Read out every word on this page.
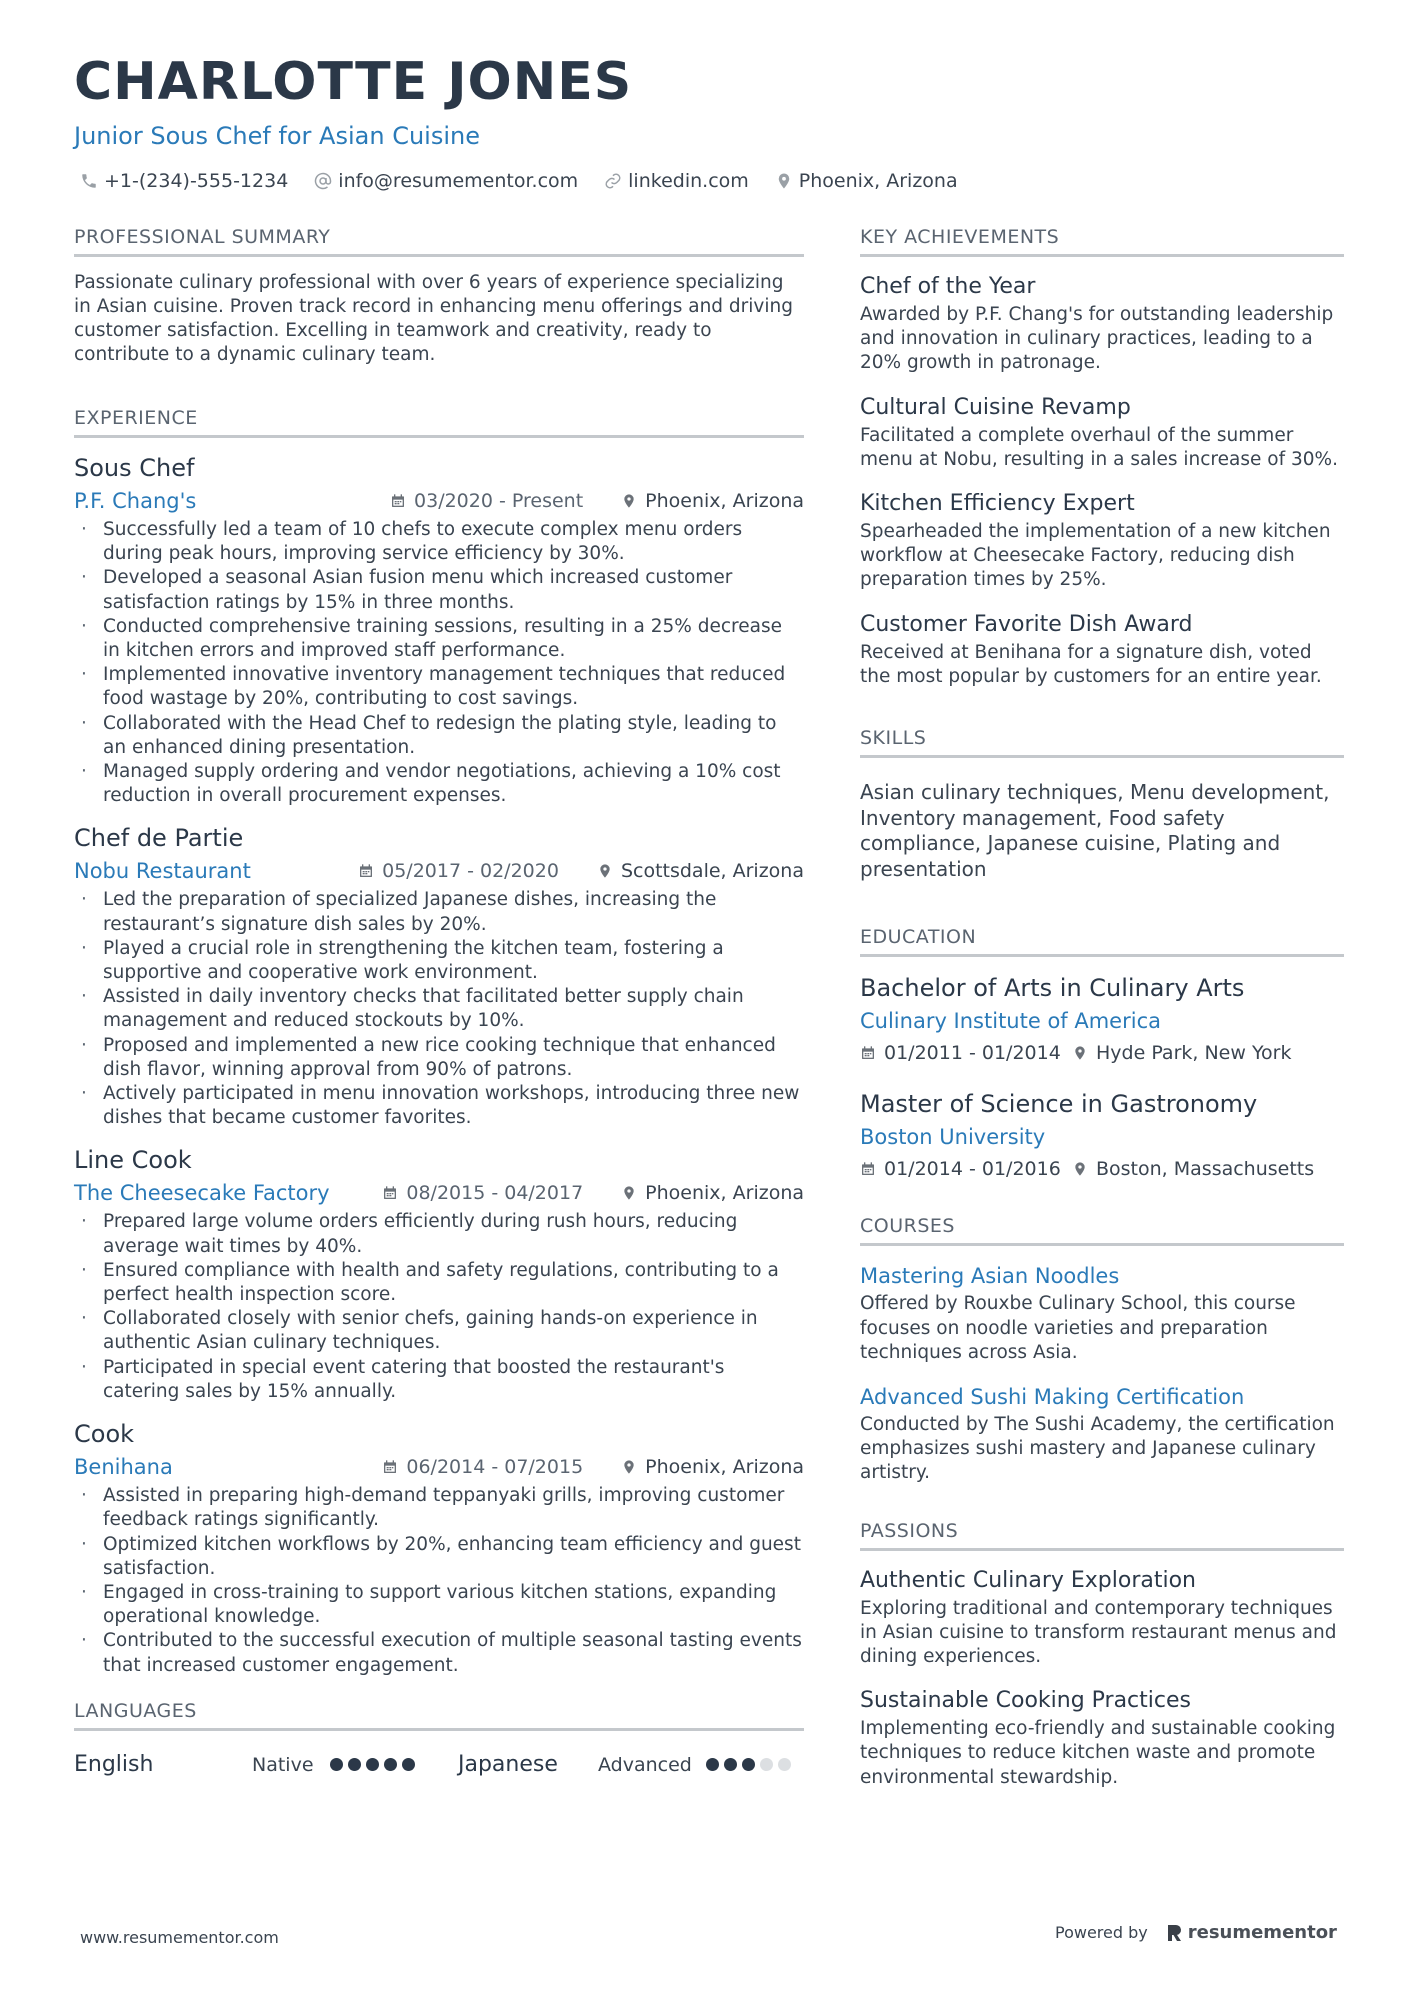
CHARLOTTE JONES
Junior Sous Chef for Asian Cuisine
+1-(234)-555-1234	info@resumementor.com	linkedin.com	Phoenix, Arizona
PROFESSIONAL SUMMARY
Passionate culinary professional with over 6 years of experience specializing in Asian cuisine. Proven track record in enhancing menu offerings and driving customer satisfaction. Excelling in teamwork and creativity, ready to contribute to a dynamic culinary team.
EXPERIENCE
Sous Chef
P.F. Chang's	03/2020 - Present	Phoenix, Arizona
· Successfully led a team of 10 chefs to execute complex menu orders during peak hours, improving service efficiency by 30%.
· Developed a seasonal Asian fusion menu which increased customer satisfaction ratings by 15% in three months.
· Conducted comprehensive training sessions, resulting in a 25% decrease in kitchen errors and improved staff performance.
· Implemented innovative inventory management techniques that reduced food wastage by 20%, contributing to cost savings.
· Collaborated with the Head Chef to redesign the plating style, leading to an enhanced dining presentation.
· Managed supply ordering and vendor negotiations, achieving a 10% cost reduction in overall procurement expenses.
Chef de Partie
Nobu Restaurant	05/2017 - 02/2020	Scottsdale, Arizona
· Led the preparation of specialized Japanese dishes, increasing the restaurant’s signature dish sales by 20%.
· Played a crucial role in strengthening the kitchen team, fostering a supportive and cooperative work environment.
· Assisted in daily inventory checks that facilitated better supply chain management and reduced stockouts by 10%.
· Proposed and implemented a new rice cooking technique that enhanced dish flavor, winning approval from 90% of patrons.
· Actively participated in menu innovation workshops, introducing three new dishes that became customer favorites.
Line Cook
The Cheesecake Factory	08/2015 - 04/2017	Phoenix, Arizona
· Prepared large volume orders efficiently during rush hours, reducing average wait times by 40%.
· Ensured compliance with health and safety regulations, contributing to a perfect health inspection score.
· Collaborated closely with senior chefs, gaining hands-on experience in authentic Asian culinary techniques.
· Participated in special event catering that boosted the restaurant's catering sales by 15% annually.
Cook
Benihana	06/2014 - 07/2015	Phoenix, Arizona
· Assisted in preparing high-demand teppanyaki grills, improving customer feedback ratings significantly.
· Optimized kitchen workflows by 20%, enhancing team efficiency and guest satisfaction.
· Engaged in cross-training to support various kitchen stations, expanding operational knowledge.
· Contributed to the successful execution of multiple seasonal tasting events that increased customer engagement.
LANGUAGES
English	Native	Japanese	Advanced
KEY ACHIEVEMENTS
Chef of the Year
Awarded by P.F. Chang's for outstanding leadership and innovation in culinary practices, leading to a 20% growth in patronage.
Cultural Cuisine Revamp
Facilitated a complete overhaul of the summer menu at Nobu, resulting in a sales increase of 30%.
Kitchen Efficiency Expert
Spearheaded the implementation of a new kitchen workflow at Cheesecake Factory, reducing dish preparation times by 25%.
Customer Favorite Dish Award
Received at Benihana for a signature dish, voted the most popular by customers for an entire year.
SKILLS
Asian culinary techniques, Menu development, Inventory management, Food safety compliance, Japanese cuisine, Plating and presentation
EDUCATION
Bachelor of Arts in Culinary Arts
Culinary Institute of America
01/2011 - 01/2014 Hyde Park, New York
Master of Science in Gastronomy
Boston University
01/2014 - 01/2016 Boston, Massachusetts
COURSES
Mastering Asian Noodles
Offered by Rouxbe Culinary School, this course focuses on noodle varieties and preparation techniques across Asia.
Advanced Sushi Making Certification
Conducted by The Sushi Academy, the certification emphasizes sushi mastery and Japanese culinary artistry.
PASSIONS
Authentic Culinary Exploration
Exploring traditional and contemporary techniques in Asian cuisine to transform restaurant menus and dining experiences.
Sustainable Cooking Practices
Implementing eco-friendly and sustainable cooking techniques to reduce kitchen waste and promote environmental stewardship.
www.resumementor.com	Powered by resumementor
